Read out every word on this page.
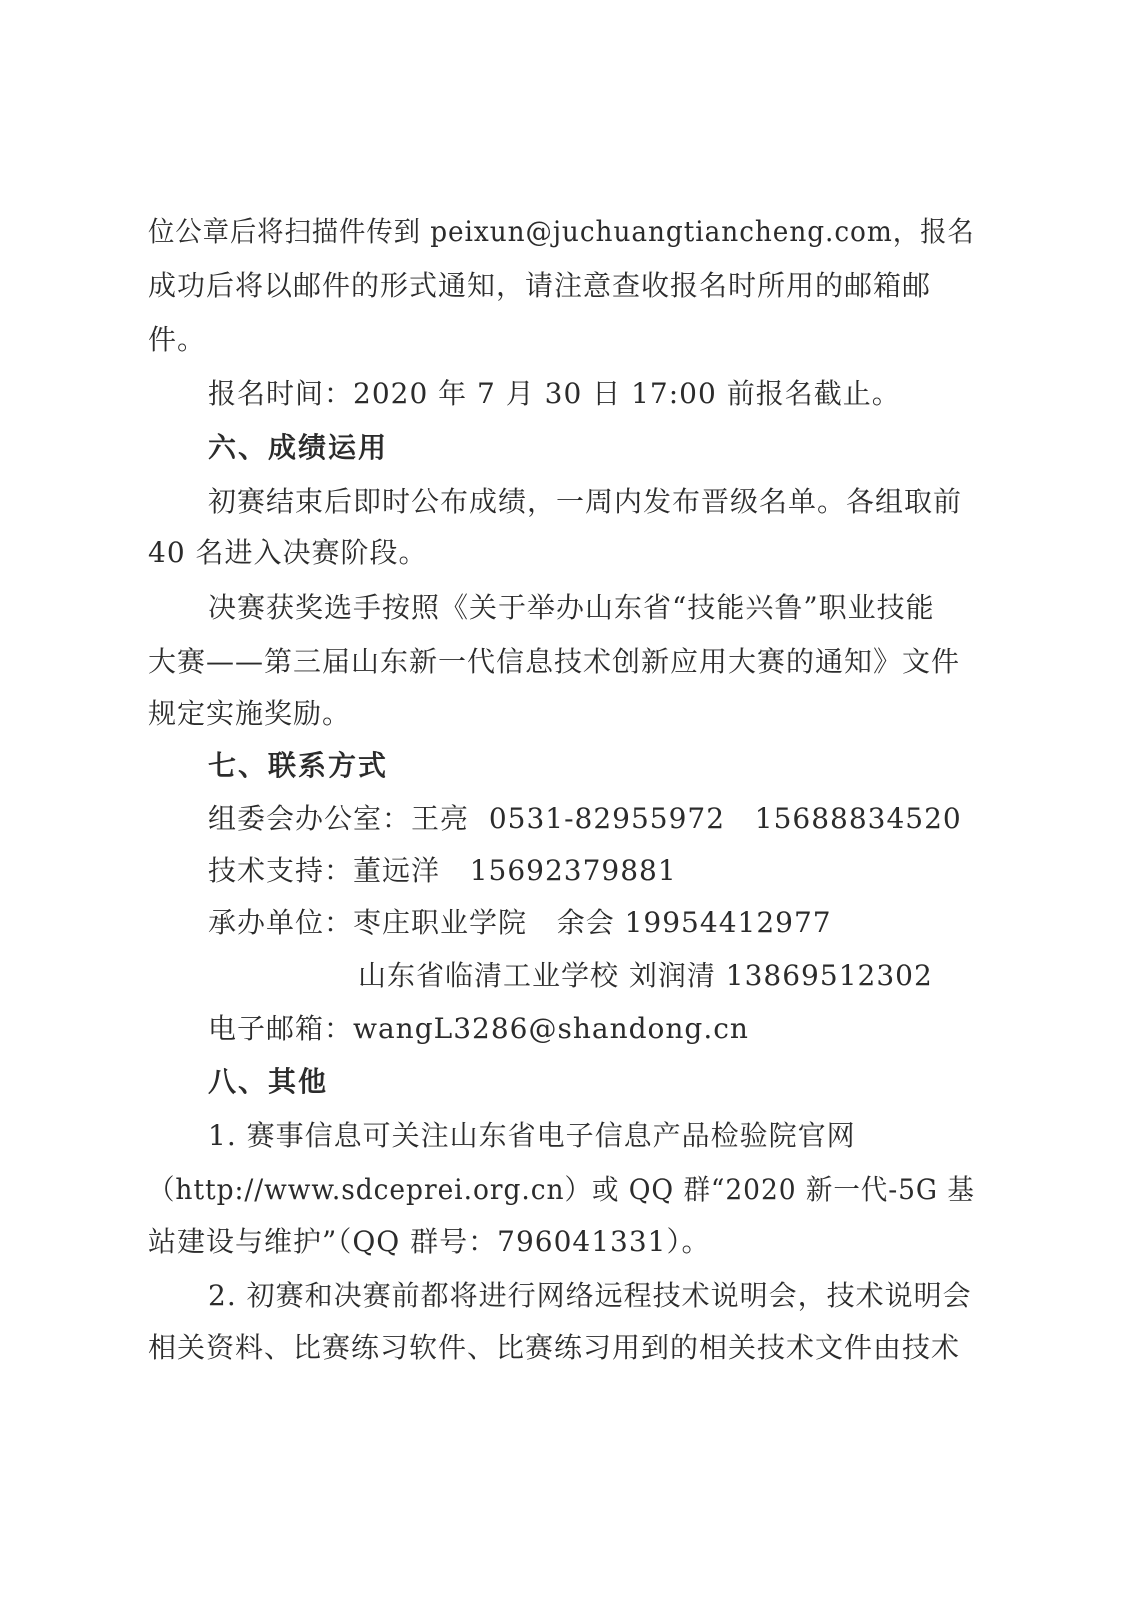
位公章后将扫描件传到 peixun@juchuangtiancheng.com，报名
成功后将以邮件的形式通知，请注意查收报名时所用的邮箱邮
件。
报名时间：2020 年 7 月 30 日 17:00 前报名截止。
六、成绩运用
初赛结束后即时公布成绩，一周内发布晋级名单。各组取前
40 名进入决赛阶段。
决赛获奖选手按照《关于举办山东省“技能兴鲁”职业技能
大赛——第三届山东新一代信息技术创新应用大赛的通知》文件
规定实施奖励。
七、联系方式
组委会办公室：王亮  0531-82955972   15688834520
技术支持：董远洋   15692379881
承办单位：枣庄职业学院   余会 19954412977
山东省临清工业学校 刘润清 13869512302
电子邮箱：wangL3286@shandong.cn
八、其他
1. 赛事信息可关注山东省电子信息产品检验院官网
（http://www.sdceprei.org.cn）或 QQ 群“2020 新一代-5G 基
站建设与维护”（QQ 群号：796041331）。
2. 初赛和决赛前都将进行网络远程技术说明会，技术说明会
相关资料、比赛练习软件、比赛练习用到的相关技术文件由技术
